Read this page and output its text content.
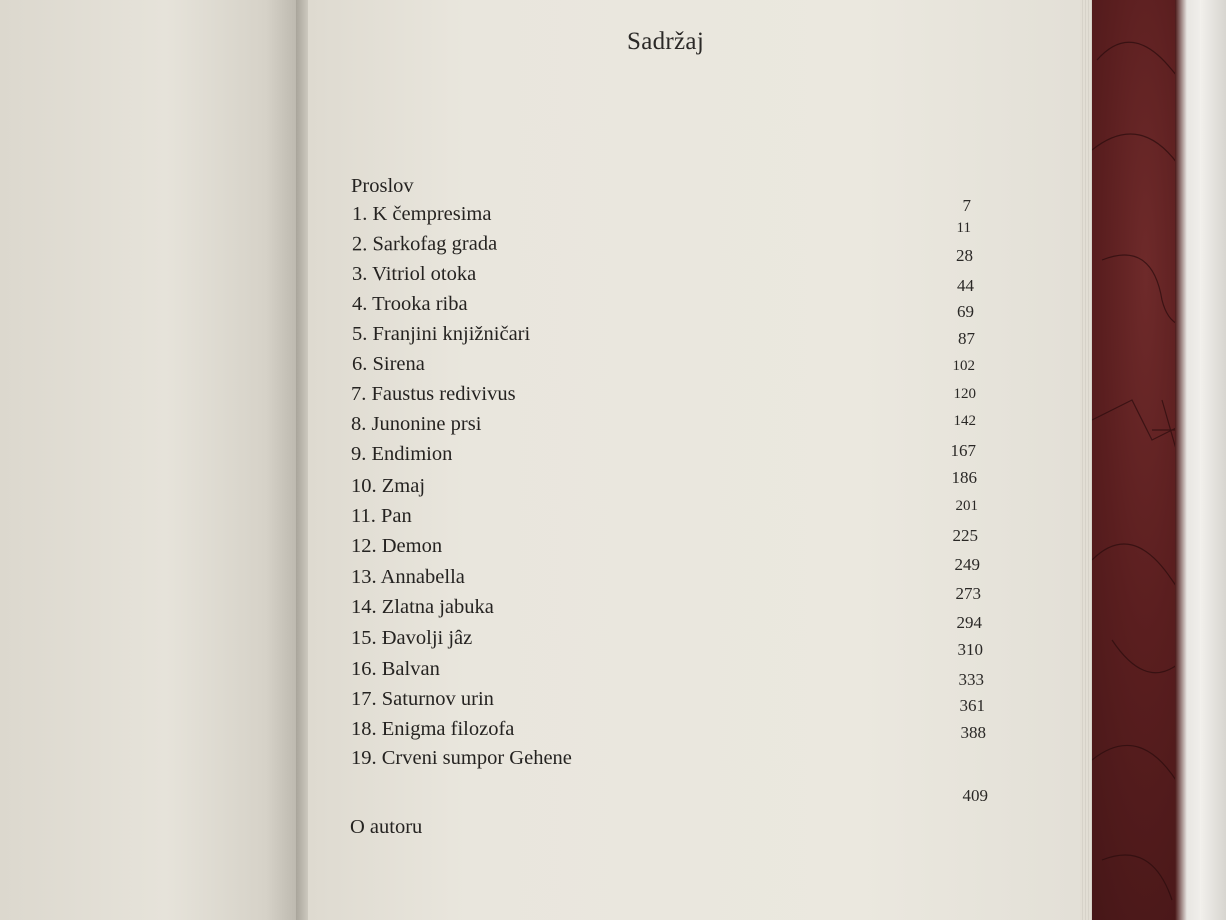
Sadržaj
Proslov
1. K čempresima
2. Sarkofag grada
3. Vitriol otoka
4. Trooka riba
5. Franjini knjižničari
6. Sirena
7. Faustus redivivus
8. Junonine prsi
9. Endimion
10. Zmaj
11. Pan
12. Demon
13. Annabella
14. Zlatna jabuka
15. Đavolji jâz
16. Balvan
17. Saturnov urin
18. Enigma filozofa
19. Crveni sumpor Gehene
O autoru
7
11
28
44
69
87
102
120
142
167
186
201
225
249
273
294
310
333
361
388
409
